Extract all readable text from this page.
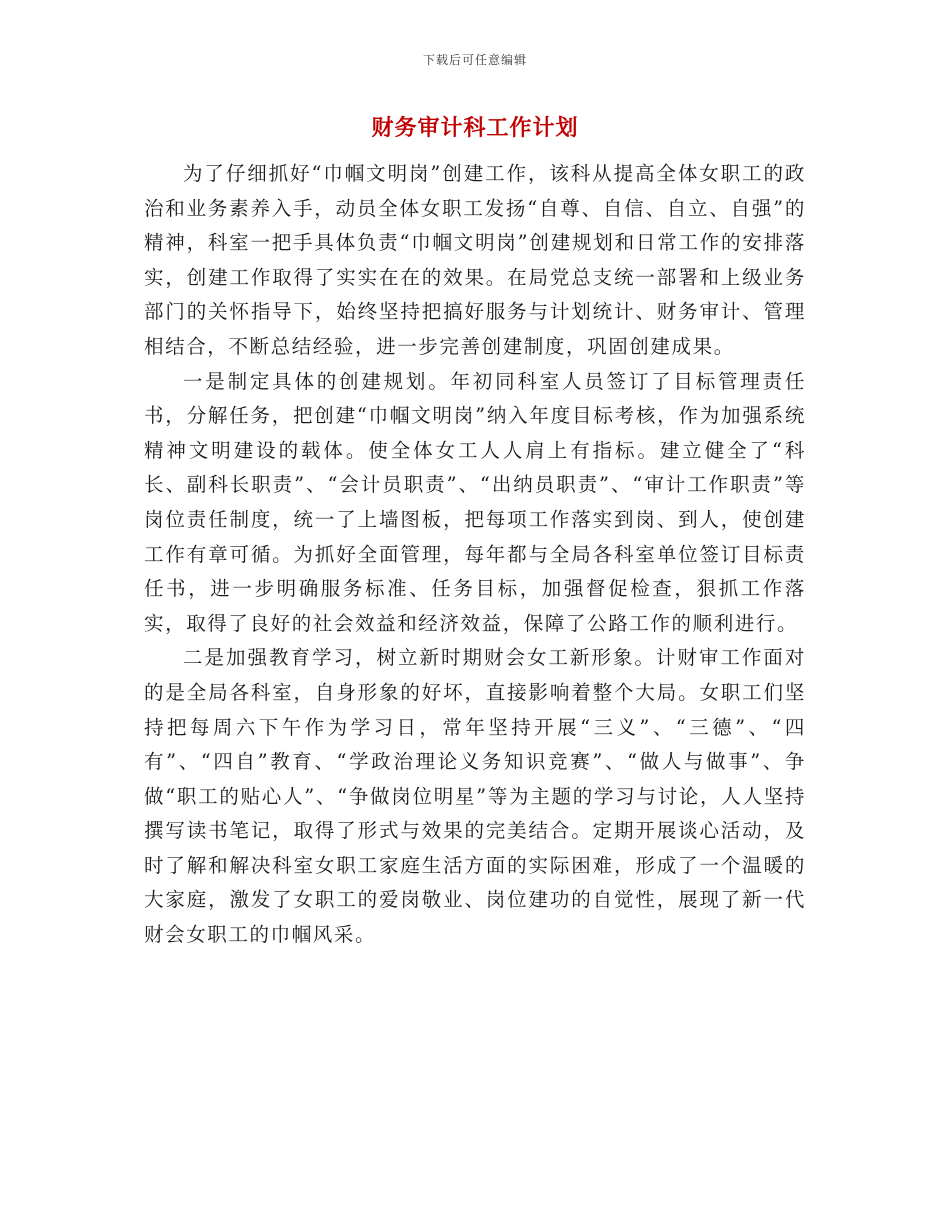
下载后可任意编辑
财务审计科工作计划

为了仔细抓好“巾帼文明岗”创建工作，该科从提高全体女职工的政治和业务素养入手，动员全体女职工发扬“自尊、自信、自立、自强”的精神，科室一把手具体负责“巾帼文明岗”创建规划和日常工作的安排落实，创建工作取得了实实在在的效果。在局党总支统一部署和上级业务部门的关怀指导下，始终坚持把搞好服务与计划统计、财务审计、管理相结合，不断总结经验，进一步完善创建制度，巩固创建成果。

一是制定具体的创建规划。年初同科室人员签订了目标管理责任书，分解任务，把创建“巾帼文明岗”纳入年度目标考核，作为加强系统精神文明建设的载体。使全体女工人人肩上有指标。建立健全了“科长、副科长职责”、“会计员职责”、“出纳员职责”、“审计工作职责”等岗位责任制度，统一了上墙图板，把每项工作落实到岗、到人，使创建工作有章可循。为抓好全面管理，每年都与全局各科室单位签订目标责任书，进一步明确服务标准、任务目标，加强督促检查，狠抓工作落实，取得了良好的社会效益和经济效益，保障了公路工作的顺利进行。

二是加强教育学习，树立新时期财会女工新形象。计财审工作面对的是全局各科室，自身形象的好坏，直接影响着整个大局。女职工们坚持把每周六下午作为学习日，常年坚持开展“三义”、“三德”、“四有”、“四自”教育、“学政治理论义务知识竞赛”、“做人与做事”、争做“职工的贴心人”、“争做岗位明星”等为主题的学习与讨论，人人坚持撰写读书笔记，取得了形式与效果的完美结合。定期开展谈心活动，及时了解和解决科室女职工家庭生活方面的实际困难，形成了一个温暖的大家庭，激发了女职工的爱岗敬业、岗位建功的自觉性，展现了新一代财会女职工的巾帼风采。
